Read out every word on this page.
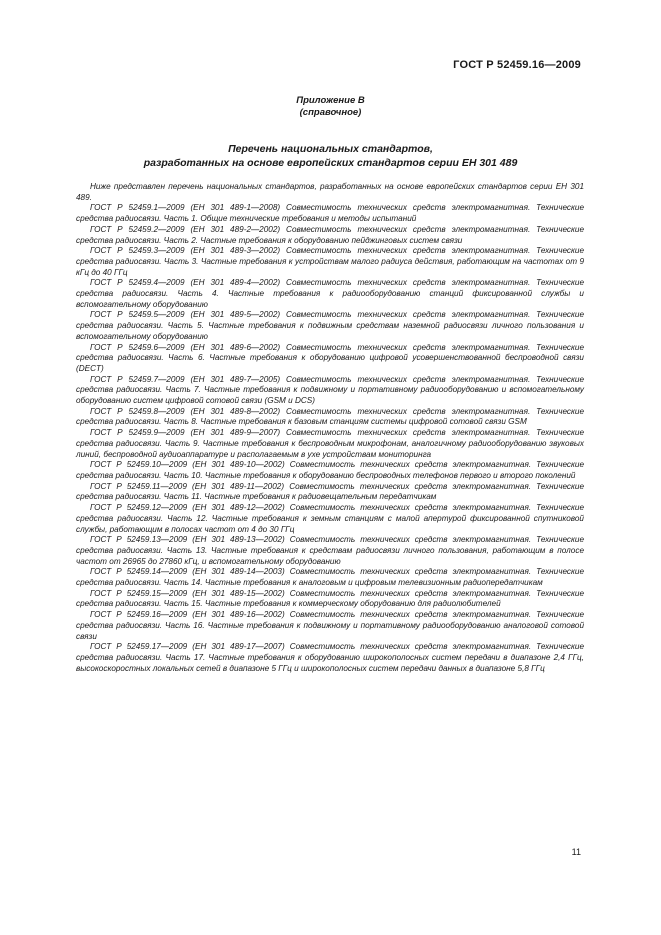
ГОСТ Р 52459.16—2009
Приложение В
(справочное)
Перечень национальных стандартов,
разработанных на основе европейских стандартов серии ЕН 301 489

Ниже представлен перечень национальных стандартов, разработанных на основе европейских стандартов серии ЕН 301 489.

ГОСТ Р 52459.1—2009 (ЕН 301 489-1—2008) Совместимость технических средств электромагнитная. Технические средства радиосвязи. Часть 1. Общие технические требования и методы испытаний

ГОСТ Р 52459.2—2009 (ЕН 301 489-2—2002) Совместимость технических средств электромагнитная. Технические средства радиосвязи. Часть 2. Частные требования к оборудованию пейджинговых систем связи

ГОСТ Р 52459.3—2009 (ЕН 301 489-3—2002) Совместимость технических средств электромагнитная. Технические средства радиосвязи. Часть 3. Частные требования к устройствам малого радиуса действия, работающим на частотах от 9 кГц до 40 ГГц

ГОСТ Р 52459.4—2009 (ЕН 301 489-4—2002) Совместимость технических средств электромагнитная. Технические средства радиосвязи. Часть 4. Частные требования к радиооборудованию станций фиксированной службы и вспомогательному оборудованию

ГОСТ Р 52459.5—2009 (ЕН 301 489-5—2002) Совместимость технических средств электромагнитная. Технические средства радиосвязи. Часть 5. Частные требования к подвижным средствам наземной радиосвязи личного пользования и вспомогательному оборудованию

ГОСТ Р 52459.6—2009 (ЕН 301 489-6—2002) Совместимость технических средств электромагнитная. Технические средства радиосвязи. Часть 6. Частные требования к оборудованию цифровой усовершенствованной беспроводной связи (DECT)

ГОСТ Р 52459.7—2009 (ЕН 301 489-7—2005) Совместимость технических средств электромагнитная. Технические средства радиосвязи. Часть 7. Частные требования к подвижному и портативному радиооборудованию и вспомогательному оборудованию систем цифровой сотовой связи (GSM и DCS)

ГОСТ Р 52459.8—2009 (ЕН 301 489-8—2002) Совместимость технических средств электромагнитная. Технические средства радиосвязи. Часть 8. Частные требования к базовым станциям системы цифровой сотовой связи GSM

ГОСТ Р 52459.9—2009 (ЕН 301 489-9—2007) Совместимость технических средств электромагнитная. Технические средства радиосвязи. Часть 9. Частные требования к беспроводным микрофонам, аналогичному радиооборудованию звуковых линий, беспроводной аудиоаппаратуре и располагаемым в ухе устройствам мониторинга

ГОСТ Р 52459.10—2009 (ЕН 301 489-10—2002) Совместимость технических средств электромагнитная. Технические средства радиосвязи. Часть 10. Частные требования к оборудованию беспроводных телефонов первого и второго поколений

ГОСТ Р 52459.11—2009 (ЕН 301 489-11—2002) Совместимость технических средств электромагнитная. Технические средства радиосвязи. Часть 11. Частные требования к радиовещательным передатчикам

ГОСТ Р 52459.12—2009 (ЕН 301 489-12—2002) Совместимость технических средств электромагнитная. Технические средства радиосвязи. Часть 12. Частные требования к земным станциям с малой апертурой фиксированной спутниковой службы, работающим в полосах частот от 4 до 30 ГГц

ГОСТ Р 52459.13—2009 (ЕН 301 489-13—2002) Совместимость технических средств электромагнитная. Технические средства радиосвязи. Часть 13. Частные требования к средствам радиосвязи личного пользования, работающим в полосе частот от 26965 до 27860 кГц, и вспомогательному оборудованию

ГОСТ Р 52459.14—2009 (ЕН 301 489-14—2003) Совместимость технических средств электромагнитная. Технические средства радиосвязи. Часть 14. Частные требования к аналоговым и цифровым телевизионным радиопередатчикам

ГОСТ Р 52459.15—2009 (ЕН 301 489-15—2002) Совместимость технических средств электромагнитная. Технические средства радиосвязи. Часть 15. Частные требования к коммерческому оборудованию для радиолюбителей

ГОСТ Р 52459.16—2009 (ЕН 301 489-16—2002) Совместимость технических средств электромагнитная. Технические средства радиосвязи. Часть 16. Частные требования к подвижному и портативному радиооборудованию аналоговой сотовой связи

ГОСТ Р 52459.17—2009 (ЕН 301 489-17—2007) Совместимость технических средств электромагнитная. Технические средства радиосвязи. Часть 17. Частные требования к оборудованию широкополосных систем передачи в диапазоне 2,4 ГГц, высокоскоростных локальных сетей в диапазоне 5 ГГц и широкополосных систем передачи данных в диапазоне 5,8 ГГц

11
